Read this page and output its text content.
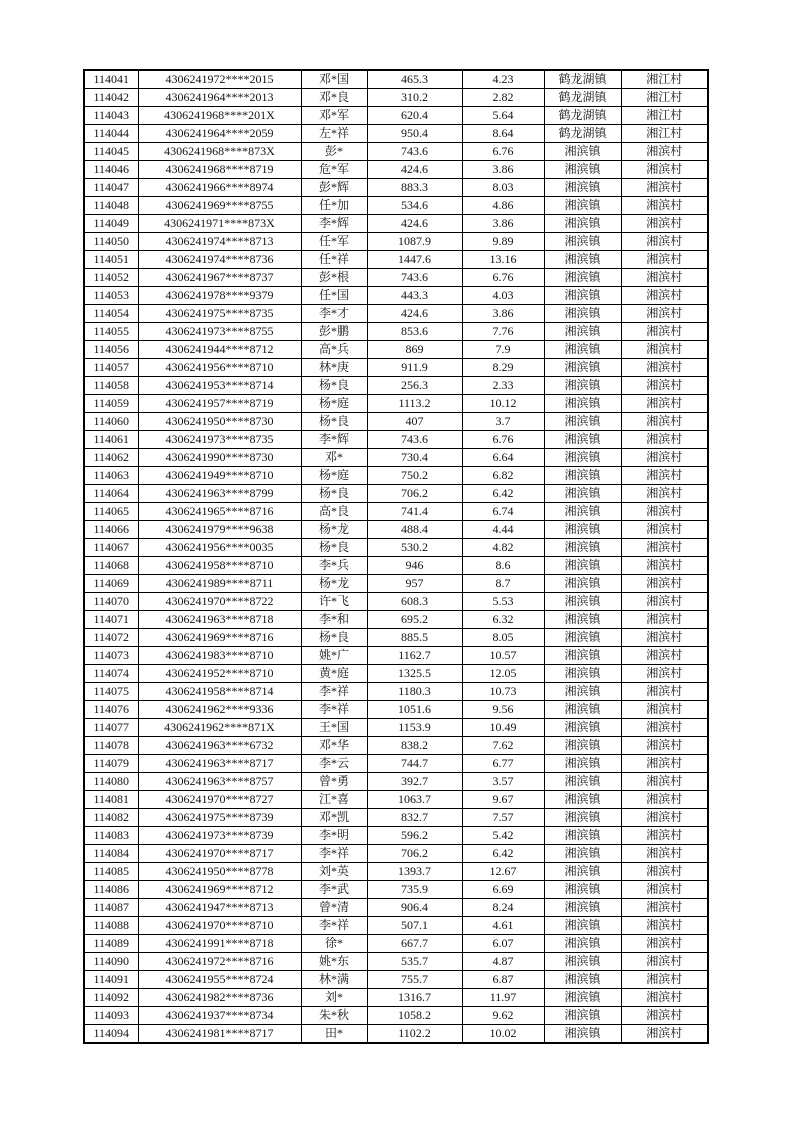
114041	4306241972****2015	邓*国	465.3	4.23	鹤龙湖镇	湘江村
114042	4306241964****2013	邓*良	310.2	2.82	鹤龙湖镇	湘江村
114043	4306241968****201X	邓*军	620.4	5.64	鹤龙湖镇	湘江村
114044	4306241964****2059	左*祥	950.4	8.64	鹤龙湖镇	湘江村
114045	4306241968****873X	彭*	743.6	6.76	湘滨镇	湘滨村
114046	4306241968****8719	危*军	424.6	3.86	湘滨镇	湘滨村
114047	4306241966****8974	彭*辉	883.3	8.03	湘滨镇	湘滨村
114048	4306241969****8755	任*加	534.6	4.86	湘滨镇	湘滨村
114049	4306241971****873X	李*辉	424.6	3.86	湘滨镇	湘滨村
114050	4306241974****8713	任*军	1087.9	9.89	湘滨镇	湘滨村
114051	4306241974****8736	任*祥	1447.6	13.16	湘滨镇	湘滨村
114052	4306241967****8737	彭*根	743.6	6.76	湘滨镇	湘滨村
114053	4306241978****9379	任*国	443.3	4.03	湘滨镇	湘滨村
114054	4306241975****8735	李*才	424.6	3.86	湘滨镇	湘滨村
114055	4306241973****8755	彭*鹏	853.6	7.76	湘滨镇	湘滨村
114056	4306241944****8712	高*兵	869	7.9	湘滨镇	湘滨村
114057	4306241956****8710	林*庚	911.9	8.29	湘滨镇	湘滨村
114058	4306241953****8714	杨*良	256.3	2.33	湘滨镇	湘滨村
114059	4306241957****8719	杨*庭	1113.2	10.12	湘滨镇	湘滨村
114060	4306241950****8730	杨*良	407	3.7	湘滨镇	湘滨村
114061	4306241973****8735	李*辉	743.6	6.76	湘滨镇	湘滨村
114062	4306241990****8730	邓*	730.4	6.64	湘滨镇	湘滨村
114063	4306241949****8710	杨*庭	750.2	6.82	湘滨镇	湘滨村
114064	4306241963****8799	杨*良	706.2	6.42	湘滨镇	湘滨村
114065	4306241965****8716	高*良	741.4	6.74	湘滨镇	湘滨村
114066	4306241979****9638	杨*龙	488.4	4.44	湘滨镇	湘滨村
114067	4306241956****0035	杨*良	530.2	4.82	湘滨镇	湘滨村
114068	4306241958****8710	李*兵	946	8.6	湘滨镇	湘滨村
114069	4306241989****8711	杨*龙	957	8.7	湘滨镇	湘滨村
114070	4306241970****8722	许*飞	608.3	5.53	湘滨镇	湘滨村
114071	4306241963****8718	李*和	695.2	6.32	湘滨镇	湘滨村
114072	4306241969****8716	杨*良	885.5	8.05	湘滨镇	湘滨村
114073	4306241983****8710	姚*广	1162.7	10.57	湘滨镇	湘滨村
114074	4306241952****8710	黄*庭	1325.5	12.05	湘滨镇	湘滨村
114075	4306241958****8714	李*祥	1180.3	10.73	湘滨镇	湘滨村
114076	4306241962****9336	李*祥	1051.6	9.56	湘滨镇	湘滨村
114077	4306241962****871X	王*国	1153.9	10.49	湘滨镇	湘滨村
114078	4306241963****6732	邓*华	838.2	7.62	湘滨镇	湘滨村
114079	4306241963****8717	李*云	744.7	6.77	湘滨镇	湘滨村
114080	4306241963****8757	曾*勇	392.7	3.57	湘滨镇	湘滨村
114081	4306241970****8727	江*喜	1063.7	9.67	湘滨镇	湘滨村
114082	4306241975****8739	邓*凯	832.7	7.57	湘滨镇	湘滨村
114083	4306241973****8739	李*明	596.2	5.42	湘滨镇	湘滨村
114084	4306241970****8717	李*祥	706.2	6.42	湘滨镇	湘滨村
114085	4306241950****8778	刘*英	1393.7	12.67	湘滨镇	湘滨村
114086	4306241969****8712	李*武	735.9	6.69	湘滨镇	湘滨村
114087	4306241947****8713	曾*清	906.4	8.24	湘滨镇	湘滨村
114088	4306241970****8710	李*祥	507.1	4.61	湘滨镇	湘滨村
114089	4306241991****8718	徐*	667.7	6.07	湘滨镇	湘滨村
114090	4306241972****8716	姚*东	535.7	4.87	湘滨镇	湘滨村
114091	4306241955****8724	林*满	755.7	6.87	湘滨镇	湘滨村
114092	4306241982****8736	刘*	1316.7	11.97	湘滨镇	湘滨村
114093	4306241937****8734	朱*秋	1058.2	9.62	湘滨镇	湘滨村
114094	4306241981****8717	田*	1102.2	10.02	湘滨镇	湘滨村
